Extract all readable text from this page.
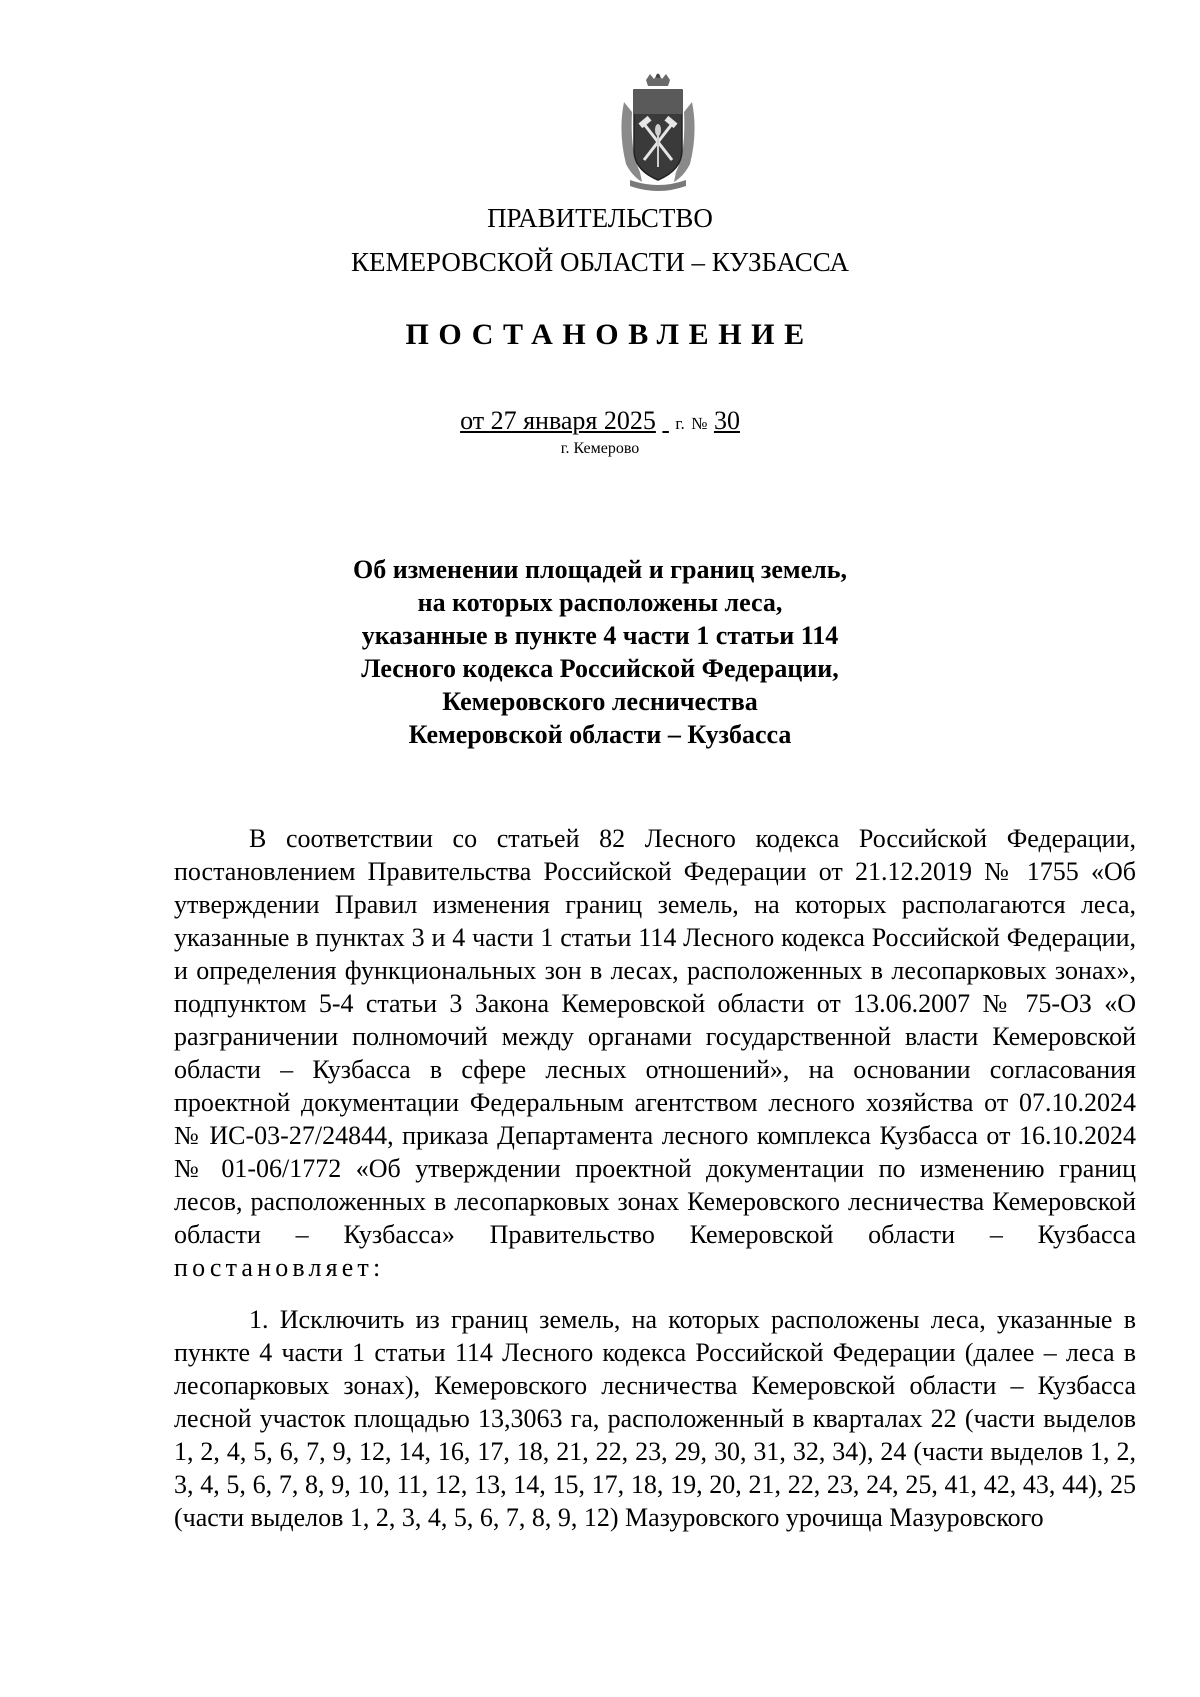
ПРАВИТЕЛЬСТВО
КЕМЕРОВСКОЙ ОБЛАСТИ – КУЗБАССА
ПОСТАНОВЛЕНИЕ
от 27 января 2025 г. № 30
г. Кемерово
Об изменении площадей и границ земель,
на которых расположены леса,
указанные в пункте 4 части 1 статьи 114
Лесного кодекса Российской Федерации,
Кемеровского лесничества
Кемеровской области – Кузбасса
В соответствии со статьей 82 Лесного кодекса Российской Федерации, постановлением Правительства Российской Федерации от 21.12.2019 № 1755 «Об утверждении Правил изменения границ земель, на которых располагаются леса, указанные в пунктах 3 и 4 части 1 статьи 114 Лесного кодекса Российской Федерации, и определения функциональных зон в лесах, расположенных в лесопарковых зонах», подпунктом 5-4 статьи 3 Закона Кемеровской области от 13.06.2007 № 75-ОЗ «О разграничении полномочий между органами государственной власти Кемеровской области – Кузбасса в сфере лесных отношений», на основании согласования проектной документации Федеральным агентством лесного хозяйства от 07.10.2024 № ИС-03-27/24844, приказа Департамента лесного комплекса Кузбасса от 16.10.2024 № 01-06/1772 «Об утверждении проектной документации по изменению границ лесов, расположенных в лесопарковых зонах Кемеровского лесничества Кемеровской области – Кузбасса» Правительство Кемеровской области – Кузбасса постановляет:
1. Исключить из границ земель, на которых расположены леса, указанные в пункте 4 части 1 статьи 114 Лесного кодекса Российской Федерации (далее – леса в лесопарковых зонах), Кемеровского лесничества Кемеровской области – Кузбасса лесной участок площадью 13,3063 га, расположенный в кварталах 22 (части выделов 1, 2, 4, 5, 6, 7, 9, 12, 14, 16, 17, 18, 21, 22, 23, 29, 30, 31, 32, 34), 24 (части выделов 1, 2, 3, 4, 5, 6, 7, 8, 9, 10, 11, 12, 13, 14, 15, 17, 18, 19, 20, 21, 22, 23, 24, 25, 41, 42, 43, 44), 25 (части выделов 1, 2, 3, 4, 5, 6, 7, 8, 9, 12) Мазуровского урочища Мазуровского
